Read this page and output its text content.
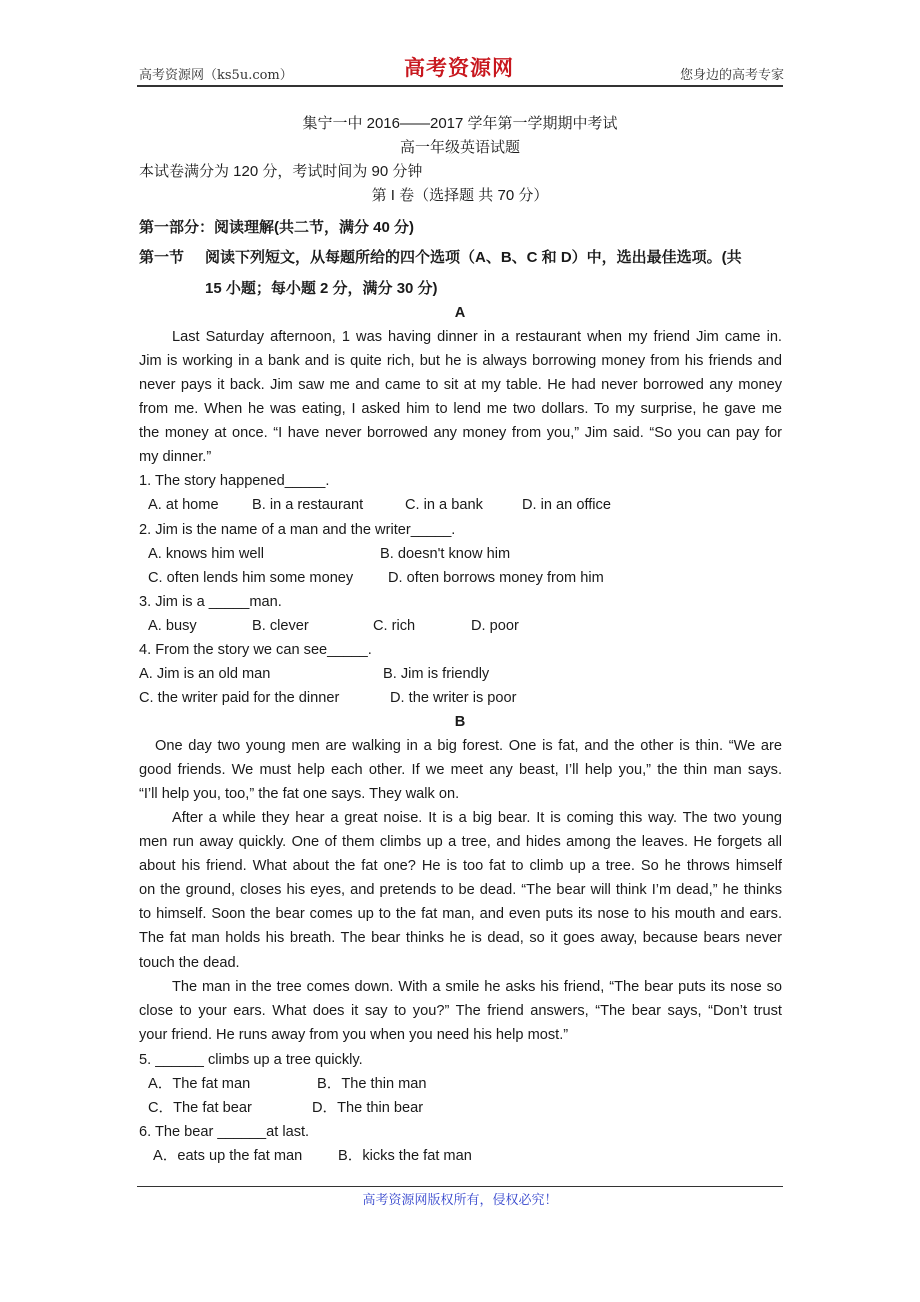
高考资源网（ks5u.com）	高考资源网	您身边的高考专家
集宁一中 2016——2017 学年第一学期期中考试
高一年级英语试题
本试卷满分为 120 分，考试时间为 90 分钟
第 I 卷（选择题 共 70 分）
第一部分：阅读理解(共二节，满分 40 分)
第一节 阅读下列短文，从每题所给的四个选项（A、B、C 和 D）中，选出最佳选项。(共
15 小题；每小题 2 分，满分 30 分)
A
Last Saturday afternoon, 1 was having dinner in a restaurant when my friend Jim came in.
Jim is working in a bank and is quite rich, but he is always borrowing money from his friends and
never pays it back. Jim saw me and came to sit at my table. He had never borrowed any money
from me. When he was eating, I asked him to lend me two dollars. To my surprise, he gave me
the money at once. “I have never borrowed any money from you,” Jim said. “So you can pay for
my dinner.”
1. The story happened_____.
A. at home B. in a restaurant	C. in a bank	D. in an office
2. Jim is the name of a man and the writer_____.
A. knows him well	B. doesn't know him
C. often lends him some money D. often borrows money from him
3. Jim is a _____man.
A. busy	B. clever	C. rich	D. poor
4. From the story we can see_____.
A. Jim is an old man	B. Jim is friendly
C. the writer paid for the dinner	D. the writer is poor
B
One day two young men are walking in a big forest. One is fat, and the other is thin. “We are
good friends. We must help each other. If we meet any beast, I’ll help you,” the thin man says.
“I’ll help you, too,” the fat one says. They walk on.
After a while they hear a great noise. It is a big bear. It is coming this way. The two young
men run away quickly. One of them climbs up a tree, and hides among the leaves. He forgets all
about his friend. What about the fat one? He is too fat to climb up a tree. So he throws himself
on the ground, closes his eyes, and pretends to be dead. “The bear will think I’m dead,” he thinks
to himself. Soon the bear comes up to the fat man, and even puts its nose to his mouth and ears.
The fat man holds his breath. The bear thinks he is dead, so it goes away, because bears never
touch the dead.
The man in the tree comes down. With a smile he asks his friend, “The bear puts its nose so
close to your ears. What does it say to you?” The friend answers, “The bear says, “Don’t trust
your friend. He runs away from you when you need his help most.”
5. ______ climbs up a tree quickly.
A．The fat man	B．The thin man
C．The fat bear	D．The thin bear
6. The bear ______at last.
A．eats up the fat man B．kicks the fat man
高考资源网版权所有，侵权必究！
